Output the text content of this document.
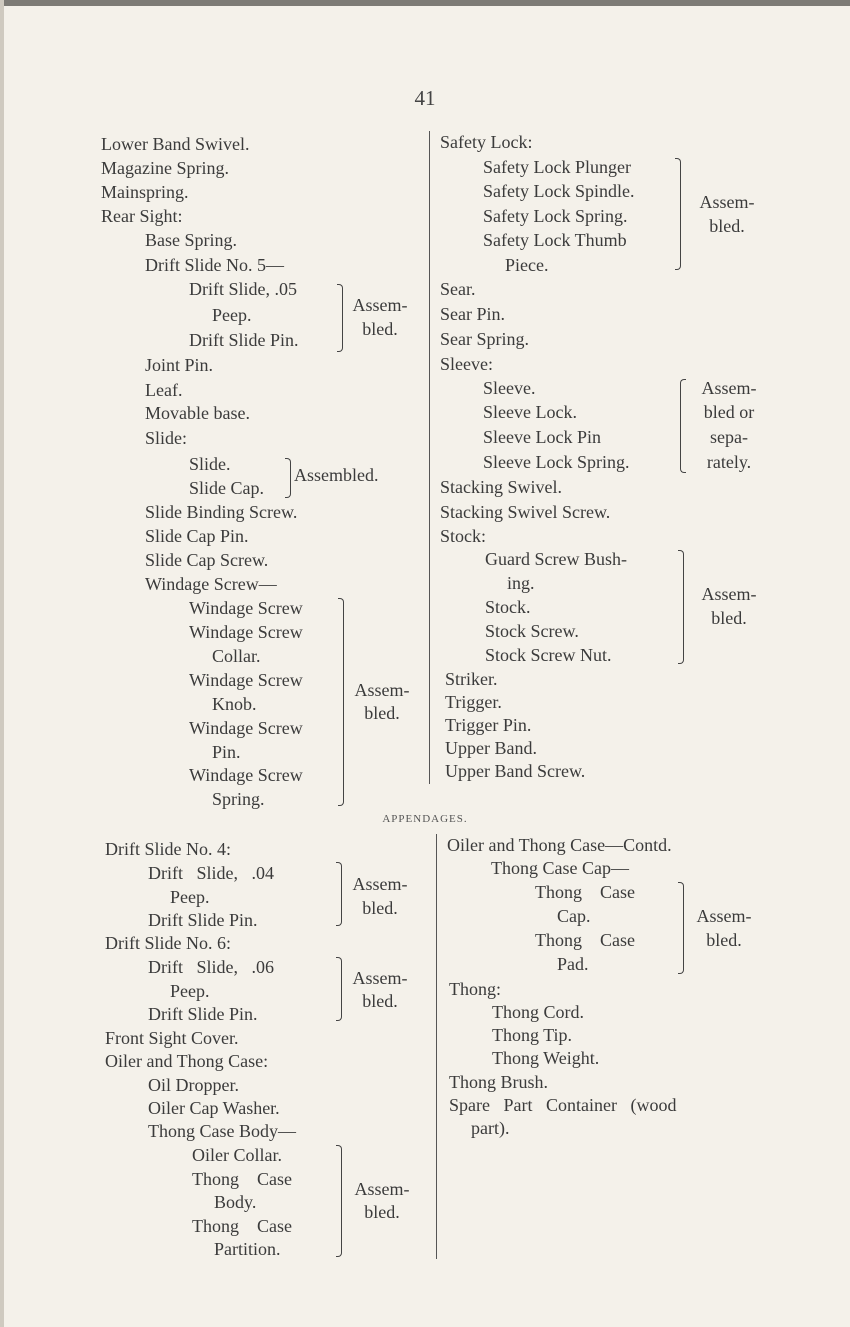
41
Lower Band Swivel.
Magazine Spring.
Mainspring.
Rear Sight:
Base Spring.
Drift Slide No. 5—
Drift Slide, .05
Peep.
Drift Slide Pin.
Joint Pin.
Leaf.
Movable base.
Slide:
Slide.
Slide Cap.
Slide Binding Screw.
Slide Cap Pin.
Slide Cap Screw.
Windage Screw—
Windage Screw
Windage Screw
Collar.
Windage Screw
Knob.
Windage Screw
Pin.
Windage Screw
Spring.
Assem-
bled.
Assembled.
Assem-
bled.
Safety Lock:
Safety Lock Plunger
Safety Lock Spindle.
Safety Lock Spring.
Safety Lock Thumb
Piece.
Sear.
Sear Pin.
Sear Spring.
Sleeve:
Sleeve.
Sleeve Lock.
Sleeve Lock Pin
Sleeve Lock Spring.
Stacking Swivel.
Stacking Swivel Screw.
Stock:
Guard Screw Bush-
ing.
Stock.
Stock Screw.
Stock Screw Nut.
Striker.
Trigger.
Trigger Pin.
Upper Band.
Upper Band Screw.
Assem-
bled.
Assem-
bled or
sepa-
rately.
Assem-
bled.
APPENDAGES.
Drift Slide No. 4:
Drift   Slide,   .04
Peep.
Drift Slide Pin.
Drift Slide No. 6:
Drift   Slide,   .06
Peep.
Drift Slide Pin.
Front Sight Cover.
Oiler and Thong Case:
Oil Dropper.
Oiler Cap Washer.
Thong Case Body—
Oiler Collar.
Thong    Case
Body.
Thong    Case
Partition.
Assem-
bled.
Assem-
bled.
Assem-
bled.
Oiler and Thong Case—Contd.
Thong Case Cap—
Thong    Case
Cap.
Thong    Case
Pad.
Thong:
Thong Cord.
Thong Tip.
Thong Weight.
Thong Brush.
Spare   Part   Container   (wood
part).
Assem-
bled.
